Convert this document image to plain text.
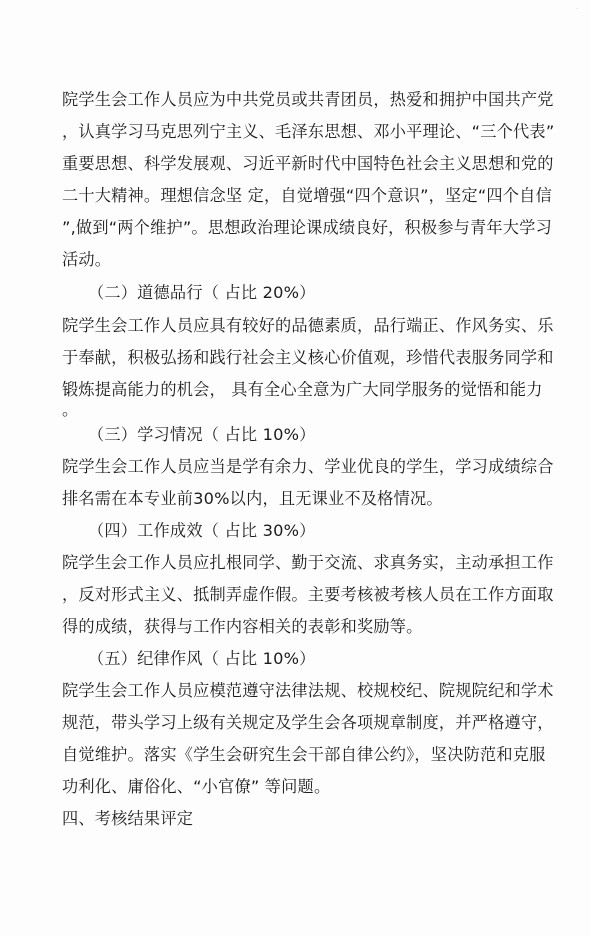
·
院学生会工作人员应为中共党员或共青团员，热爱和拥护中国共产党
，认真学习马克思列宁主义、毛泽东思想、邓小平理论、“三个代表”
重要思想、科学发展观、习近平新时代中国特色社会主义思想和党的
二十大精神。理想信念坚 定，自觉增强“四个意识”，坚定“四个自信
”,做到“两个维护”。思想政治理论课成绩良好，积极参与青年大学习
活动。
（二）道德品行（ 占比 20%）
院学生会工作人员应具有较好的品德素质，品行端正、作风务实、乐
于奉献，积极弘扬和践行社会主义核心价值观，珍惜代表服务同学和
锻炼提高能力的机会， 具有全心全意为广大同学服务的觉悟和能力
。
（三）学习情况（ 占比 10%）
院学生会工作人员应当是学有余力、学业优良的学生，学习成绩综合
排名需在本专业前30%以内，且无课业不及格情况。
（四）工作成效（ 占比 30%）
院学生会工作人员应扎根同学、勤于交流、求真务实，主动承担工作
，反对形式主义、抵制弄虚作假。主要考核被考核人员在工作方面取
得的成绩，获得与工作内容相关的表彰和奖励等。
（五）纪律作风（ 占比 10%）
院学生会工作人员应模范遵守法律法规、校规校纪、院规院纪和学术
规范，带头学习上级有关规定及学生会各项规章制度，并严格遵守，
自觉维护。落实《学生会研究生会干部自律公约》，坚决防范和克服
功利化、庸俗化、“小官僚” 等问题。
四、考核结果评定
